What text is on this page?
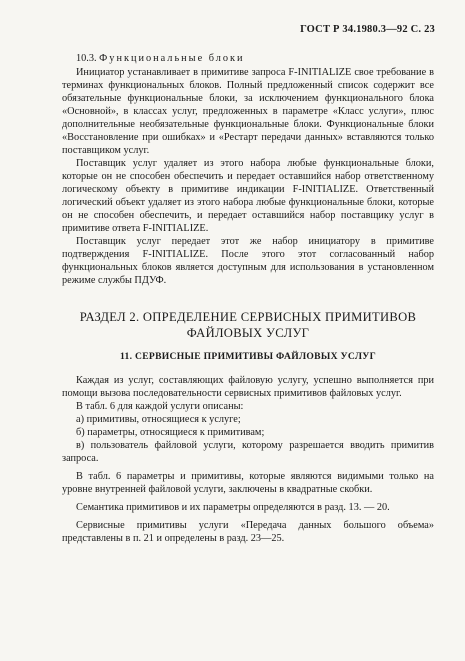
ГОСТ Р 34.1980.3—92 С. 23
10.3. Функциональные блоки

Инициатор устанавливает в примитиве запроса F-INITIALIZE свое требование в терминах функциональных блоков. Полный предложенный список содержит все обязательные функциональные блоки, за исключением функционального блока «Основной», в классах услуг, предложенных в параметре «Класс услуги», плюс дополнительные необязательные функциональные блоки. Функциональные блоки «Восстановление при ошибках» и «Рестарт передачи данных» вставляются только поставщиком услуг.

Поставщик услуг удаляет из этого набора любые функциональные блоки, которые он не способен обеспечить и передает оставшийся набор ответственному логическому объекту в примитиве индикации F-INITIALIZE. Ответственный логический объект удаляет из этого набора любые функциональные блоки, которые он не способен обеспечить, и передает оставшийся набор поставщику услуг в примитиве ответа F-INITIALIZE.

Поставщик услуг передает этот же набор инициатору в примитиве подтверждения F-INITIALIZE. После этого этот согласованный набор функциональных блоков является доступным для использования в установленном режиме службы ПДУФ.

РАЗДЕЛ 2. ОПРЕДЕЛЕНИЕ СЕРВИСНЫХ ПРИМИТИВОВ ФАЙЛОВЫХ УСЛУГ
11. СЕРВИСНЫЕ ПРИМИТИВЫ ФАЙЛОВЫХ УСЛУГ

Каждая из услуг, составляющих файловую услугу, успешно выполняется при помощи вызова последовательности сервисных примитивов файловых услуг.

В табл. 6 для каждой услуги описаны:

а) примитивы, относящиеся к услуге;

б) параметры, относящиеся к примитивам;

в) пользователь файловой услуги, которому разрешается вводить примитив запроса.

В табл. 6 параметры и примитивы, которые являются видимыми только на уровне внутренней файловой услуги, заключены в квадратные скобки.

Семантика примитивов и их параметры определяются в разд. 13. — 20.

Сервисные примитивы услуги «Передача данных большого объема» представлены в п. 21 и определены в разд. 23—25.
